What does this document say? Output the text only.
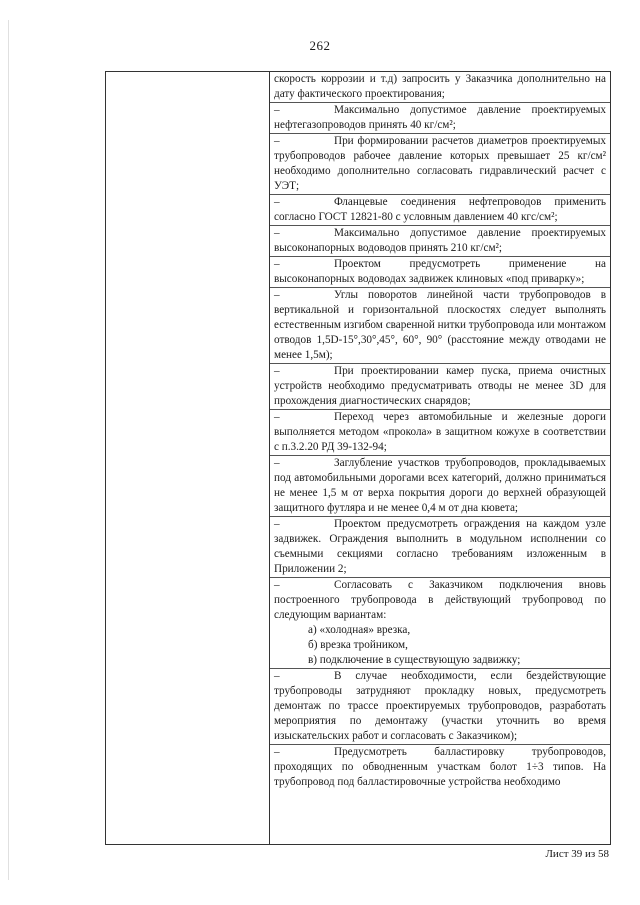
262
скорость коррозии и т.д) запросить у Заказчика дополнительно на дату фактического проектирования;
–	Максимально допустимое давление проектируемых нефтегазопроводов принять 40 кг/см²;
–	При формировании расчетов диаметров проектируемых трубопроводов рабочее давление которых превышает 25 кг/см² необходимо дополнительно согласовать гидравлический расчет с УЭТ;
–	Фланцевые соединения нефтепроводов применить согласно ГОСТ 12821-80 с условным давлением 40 кгс/см²;
–	Максимально допустимое давление проектируемых высоконапорных водоводов принять 210 кг/см²;
–	Проектом предусмотреть применение на высоконапорных водоводах задвижек клиновых «под приварку»;
–	Углы поворотов линейной части трубопроводов в вертикальной и горизонтальной плоскостях следует выполнять естественным изгибом сваренной нитки трубопровода или монтажом отводов 1,5D-15°,30°,45°, 60°, 90° (расстояние между отводами не менее 1,5м);
–	При проектировании камер пуска, приема очистных устройств необходимо предусматривать отводы не менее 3D для прохождения диагностических снарядов;
–	Переход через автомобильные и железные дороги выполняется методом «прокола» в защитном кожухе в соответствии с п.3.2.20 РД 39-132-94;
–	Заглубление участков трубопроводов, прокладываемых под автомобильными дорогами всех категорий, должно приниматься не менее 1,5 м от верха покрытия дороги до верхней образующей защитного футляра и не менее 0,4 м от дна кювета;
–	Проектом предусмотреть ограждения на каждом узле задвижек. Ограждения выполнить в модульном исполнении со съемными секциями согласно требованиям изложенным в Приложении 2;
–	Согласовать с Заказчиком подключения вновь построенного трубопровода в действующий трубопровод по следующим вариантам:
а) «холодная» врезка,
б) врезка тройником,
в) подключение в существующую задвижку;
–	В случае необходимости, если бездействующие трубопроводы затрудняют прокладку новых, предусмотреть демонтаж по трассе проектируемых трубопроводов, разработать мероприятия по демонтажу (участки уточнить во время изыскательских работ и согласовать с Заказчиком);
–	Предусмотреть балластировку трубопроводов, проходящих по обводненным участкам болот 1÷3 типов. На трубопровод под балластировочные устройства необходимо
Лист 39 из 58
